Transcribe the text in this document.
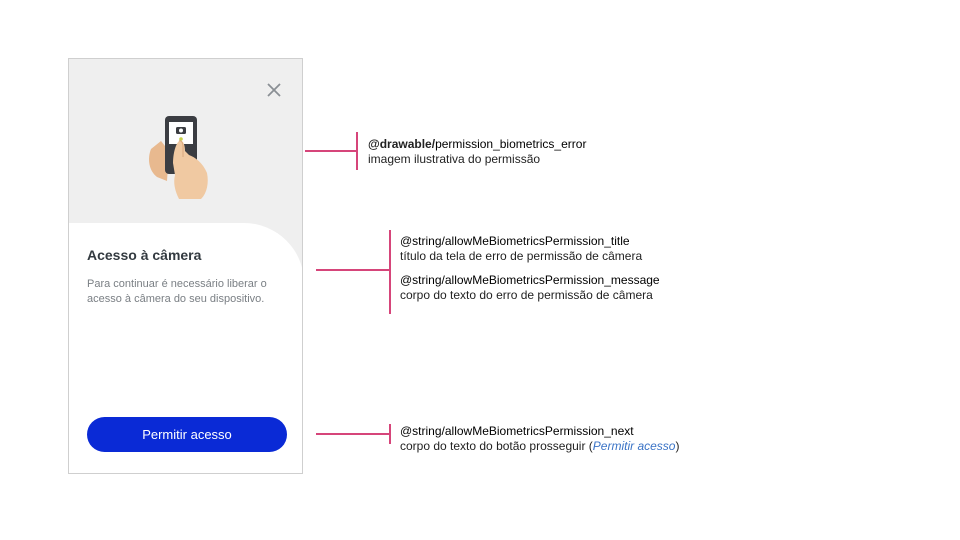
Acesso à câmera
Para continuar é necessário liberar o acesso à câmera do seu dispositivo.
Permitir acesso
@drawable/permission_biometrics_error
imagem ilustrativa do permissão
@string/allowMeBiometricsPermission_title
título da tela de erro de permissão de câmera
@string/allowMeBiometricsPermission_message
corpo do texto do erro de permissão de câmera
@string/allowMeBiometricsPermission_next
corpo do texto do botão prosseguir (Permitir acesso)
